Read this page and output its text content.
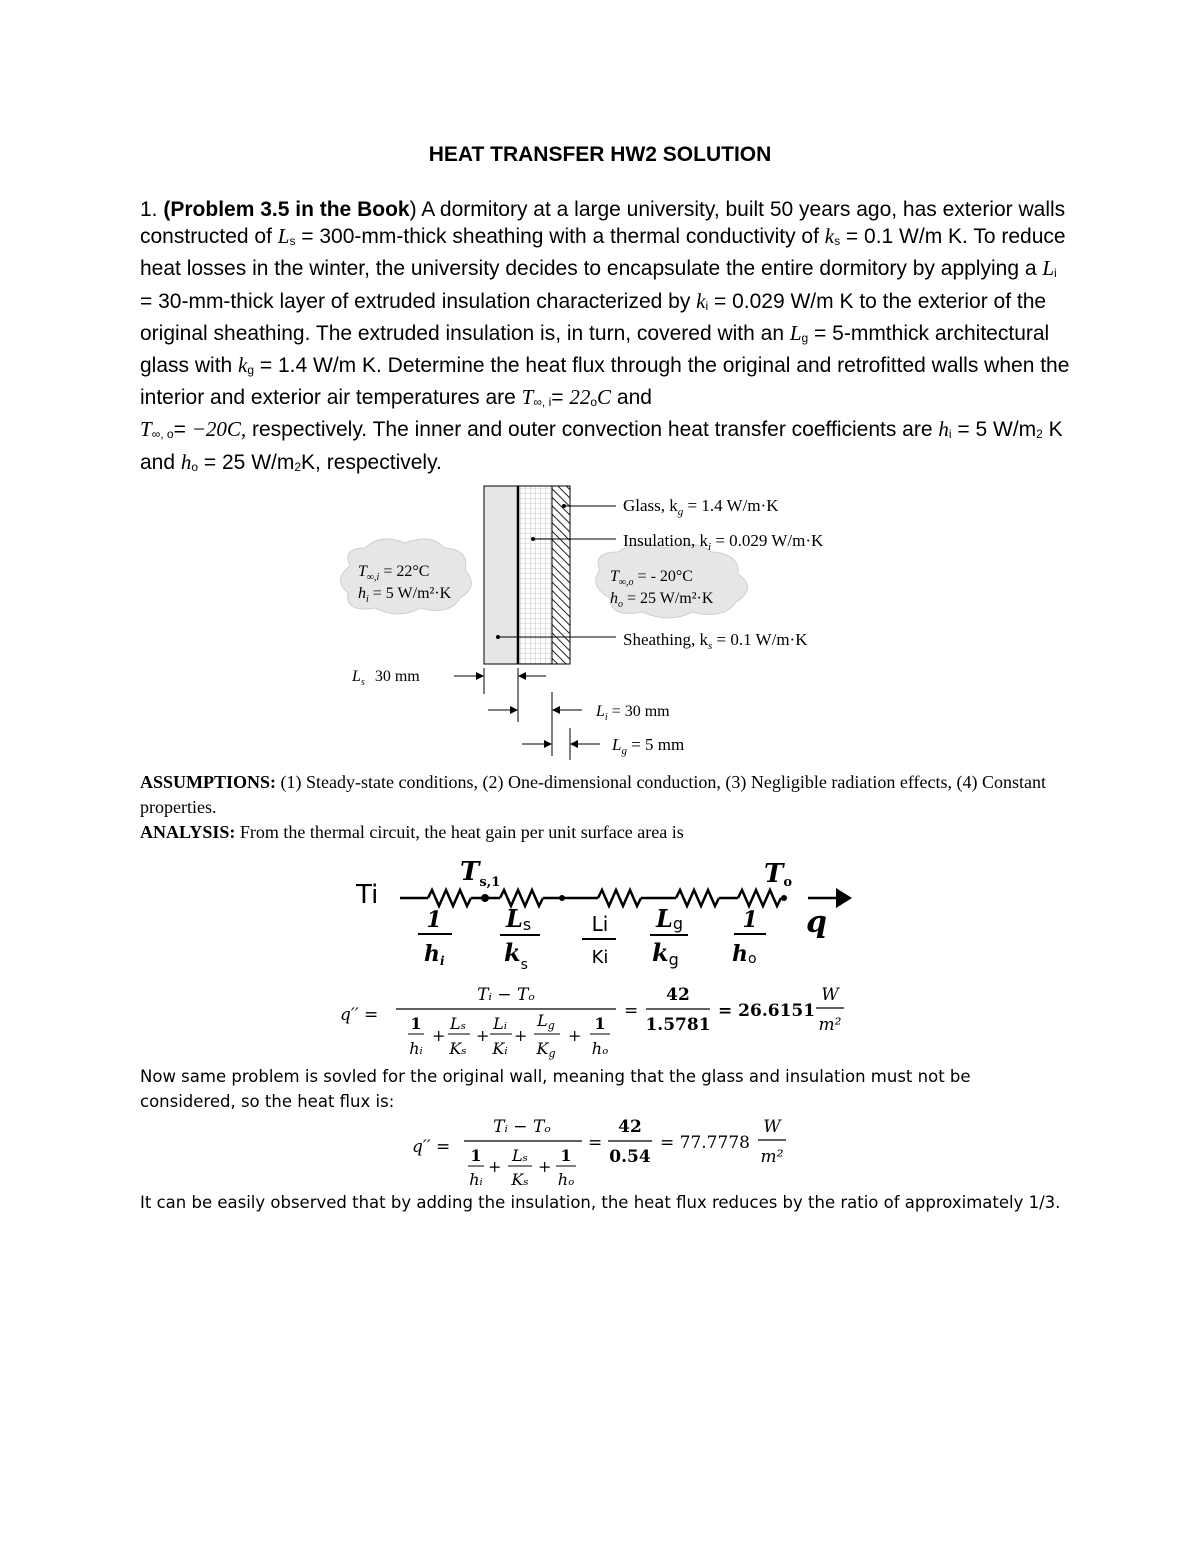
HEAT TRANSFER HW2 SOLUTION
1. (Problem 3.5 in the Book) A dormitory at a large university, built 50 years ago, has exterior walls constructed of $L_s$ = 300-mm-thick sheathing with a thermal conductivity of $k_s = 0.1$ W/m K. To reduce heat losses in the winter, the university decides to encapsulate the entire dormitory by applying a $L_i$ = 30-mm-thick layer of extruded insulation characterized by $k_i = 0.029$ W/m K to the exterior of the original sheathing. The extruded insulation is, in turn, covered with an $L_g$ = 5-mmthick architectural glass with $k_g = 1.4$ W/m K. Determine the heat flux through the original and retrofitted walls when the interior and exterior air temperatures are $T_{\infty, i}= 22_oC$ and
$T_{\infty, o}= -20C$, respectively. The inner and outer convection heat transfer coefficients are $h_i = 5$ $W/m_2$ K and $h_o = 25$ $W/m_2K$, respectively.
Glass, $k_g = 1.4$ W/m·K
Insulation, $k_i = 0.029$ W/m·K
Sheathing, $k_s = 0.1$ W/m·K
$T_{\infty,i} = 22^\circ C$
$h_i = 5$ W/m²·K
$T_{\infty,o}$ = - 20°C
$h_o = 25$ W/m²·K
$L_s$ 30 mm
$L_i = 30$ mm
$L_g = 5$ mm
ASSUMPTIONS: (1) Steady-state conditions, (2) One-dimensional conduction, (3) Negligible radiation effects, (4) Constant properties.
ANALYSIS: From the thermal circuit, the heat gain per unit surface area is
Ti
$T_{s,1}$	To
q
1
hi
Ls
$k_s$
Li
Ki
Lg
kg
1
ho
q′′ =
Tᵢ − Tₒ
1
hᵢ
+
Lₛ
Kₛ
+
Lᵢ
Kᵢ
+
Lg
Kg
+
1
hₒ
=
42
1.5781
= 26.6151
W
m²
Now same problem is sovled for the original wall, meaning that the glass and insulation must not be considered, so the heat flux is:
q′′ =
Tᵢ − Tₒ
1
hᵢ
+
Lₛ
Kₛ
+
1
hₒ
=
42
0.54
= 77.7778
W
m²
It can be easily observed that by adding the insulation, the heat flux reduces by the ratio of approximately 1/3.
